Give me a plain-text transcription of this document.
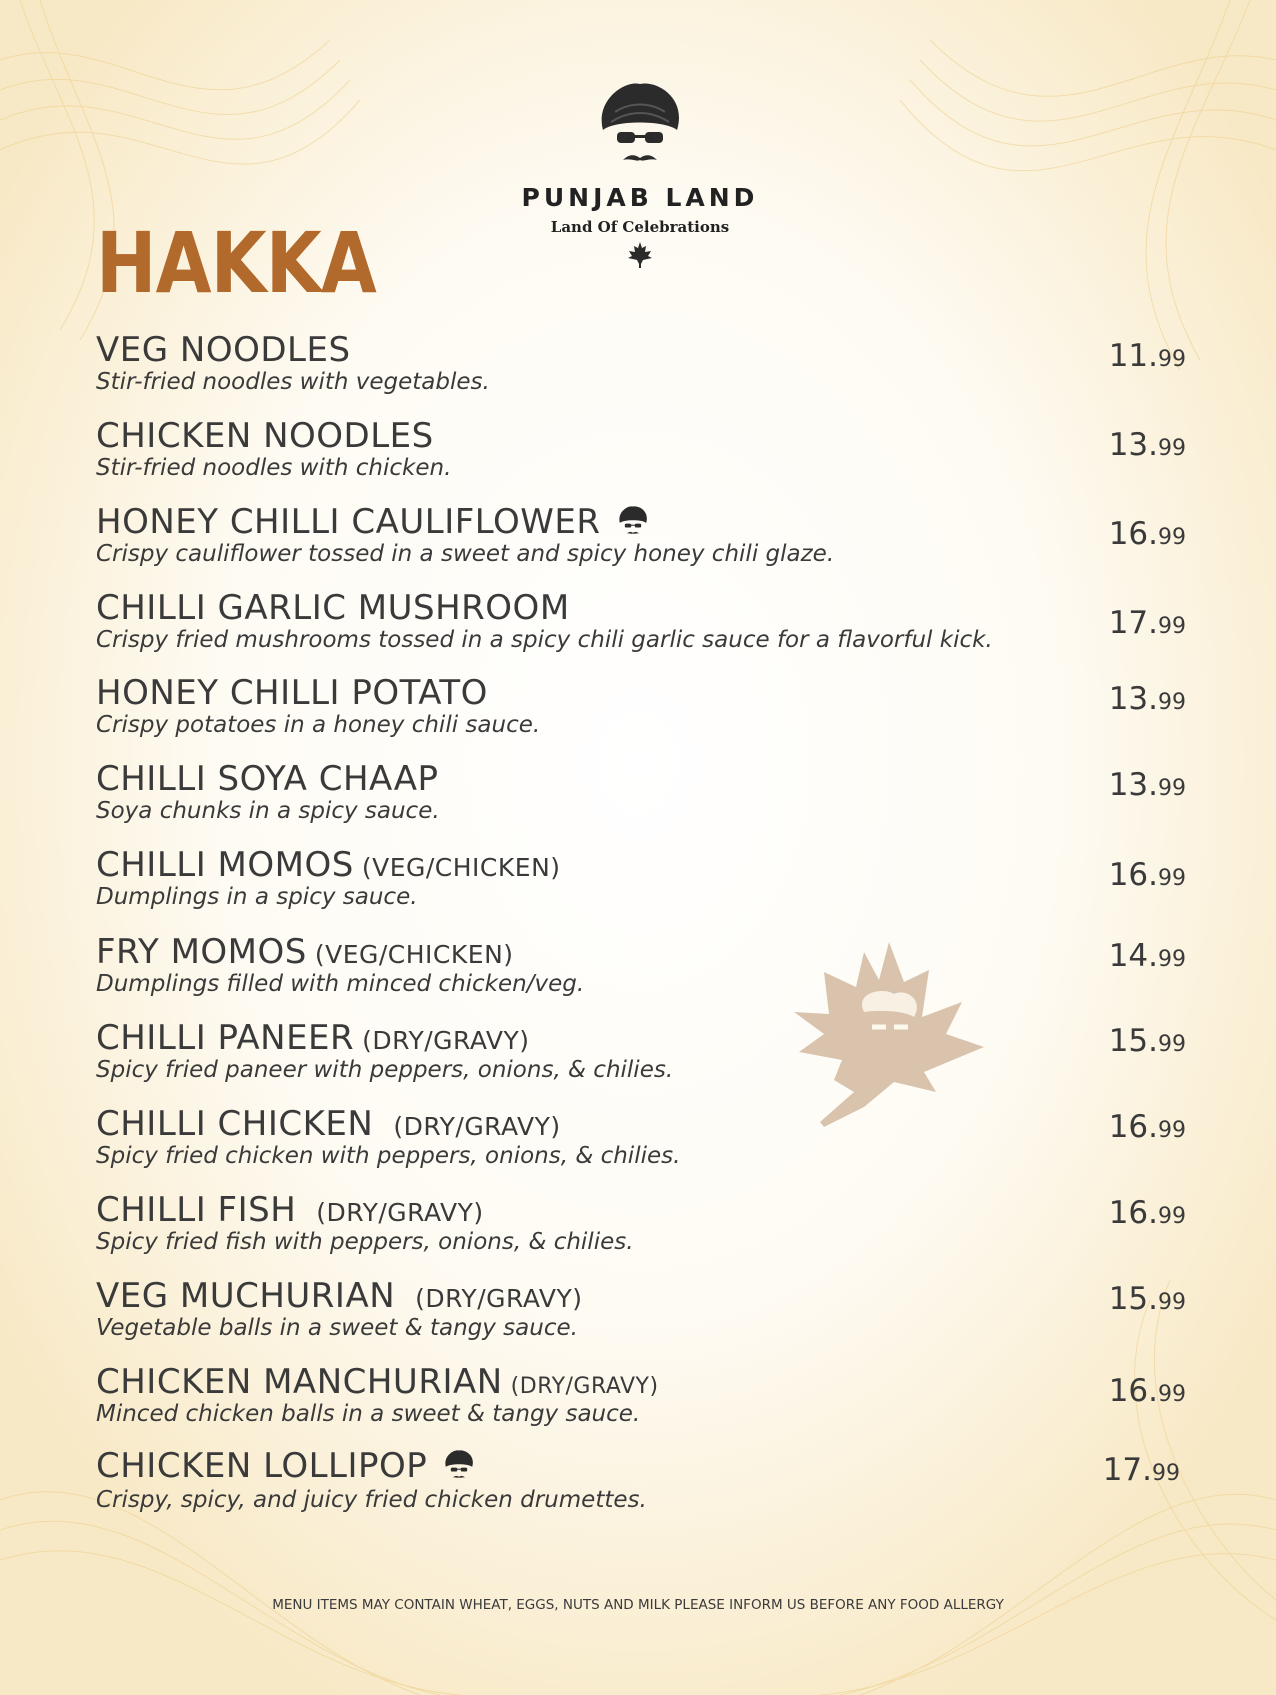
PUNJAB LAND
Land Of Celebrations
HAKKA
VEG NOODLES
Stir-fried noodles with vegetables.
11.99
CHICKEN NOODLES
Stir-fried noodles with chicken.
13.99
HONEY CHILLI CAULIFLOWER
Crispy cauliflower tossed in a sweet and spicy honey chili glaze.
16.99
CHILLI GARLIC MUSHROOM
Crispy fried mushrooms tossed in a spicy chili garlic sauce for a flavorful kick.	17.99
HONEY CHILLI POTATO
Crispy potatoes in a honey chili sauce.
13.99
CHILLI SOYA CHAAP
Soya chunks in a spicy sauce.
13.99
CHILLI MOMOS (VEG/CHICKEN)
Dumplings in a spicy sauce.
16.99
FRY MOMOS (VEG/CHICKEN)
Dumplings filled with minced chicken/veg.
14.99
CHILLI PANEER (DRY/GRAVY)
Spicy fried paneer with peppers, onions, & chilies.
15.99
CHILLI CHICKEN (DRY/GRAVY)
Spicy fried chicken with peppers, onions, & chilies.
16.99
CHILLI FISH (DRY/GRAVY)
Spicy fried fish with peppers, onions, & chilies.
16.99
VEG MUCHURIAN (DRY/GRAVY)
Vegetable balls in a sweet & tangy sauce.
15.99
CHICKEN MANCHURIAN (DRY/GRAVY)
Minced chicken balls in a sweet & tangy sauce.
16.99
CHICKEN LOLLIPOP
Crispy, spicy, and juicy fried chicken drumettes.
17.99
MENU ITEMS MAY CONTAIN WHEAT, EGGS, NUTS AND MILK PLEASE INFORM US BEFORE ANY FOOD ALLERGY
